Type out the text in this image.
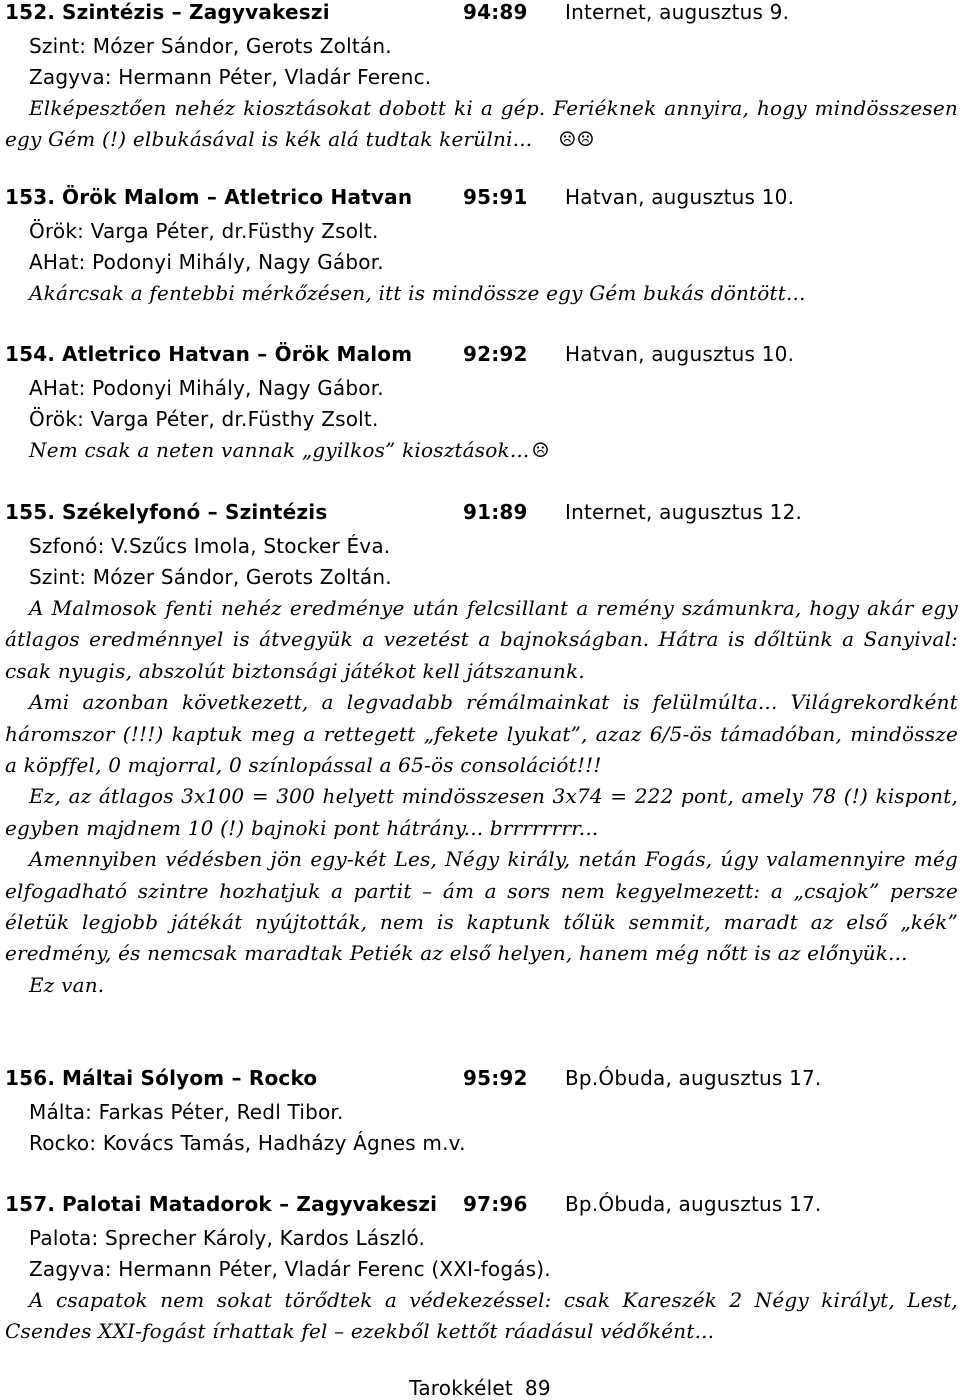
152. Szintézis – Zagyvakeszi	94:89 Internet, augusztus 9.
Szint: Mózer Sándor, Gerots Zoltán.
Zagyva: Hermann Péter, Vladár Ferenc.

Elképesztően nehéz kiosztásokat dobott ki a gép. Feriéknek annyira, hogy mindösszesen egy Gém (!) elbukásával is kék alá tudtak kerülni... ☹☹

153. Örök Malom – Atletrico Hatvan	95:91 Hatvan, augusztus 10.
Örök: Varga Péter, dr.Füsthy Zsolt.
AHat: Podonyi Mihály, Nagy Gábor.
Akárcsak a fentebbi mérkőzésen, itt is mindössze egy Gém bukás döntött...
154. Atletrico Hatvan – Örök Malom	92:92 Hatvan, augusztus 10.
AHat: Podonyi Mihály, Nagy Gábor.
Örök: Varga Péter, dr.Füsthy Zsolt.
Nem csak a neten vannak „gyilkos” kiosztások... ☹
155. Székelyfonó – Szintézis	91:89 Internet, augusztus 12.
Szfonó: V.Szűcs Imola, Stocker Éva.
Szint: Mózer Sándor, Gerots Zoltán.

A Malmosok fenti nehéz eredménye után felcsillant a remény számunkra, hogy akár egy átlagos eredménnyel is átvegyük a vezetést a bajnokságban. Hátra is dőltünk a Sanyival: csak nyugis, abszolút biztonsági játékot kell játszanunk.

Ami azonban következett, a legvadabb rémálmainkat is felülmúlta... Világrekordként háromszor (!!!) kaptuk meg a rettegett „fekete lyukat”, azaz 6/5-ös támadóban, mindössze a köpffel, 0 majorral, 0 színlopással a 65-ös consolációt!!!

Ez, az átlagos 3x100 = 300 helyett mindösszesen 3x74 = 222 pont, amely 78 (!) kispont, egyben majdnem 10 (!) bajnoki pont hátrány... brrrrrrrr...

Amennyiben védésben jön egy-két Les, Négy király, netán Fogás, úgy valamennyire még elfogadható szintre hozhatjuk a partit – ám a sors nem kegyelmezett: a „csajok” persze életük legjobb játékát nyújtották, nem is kaptunk tőlük semmit, maradt az első „kék” eredmény, és nemcsak maradtak Petiék az első helyen, hanem még nőtt is az előnyük...

Ez van.

156. Máltai Sólyom – Rocko	95:92 Bp.Óbuda, augusztus 17.
Málta: Farkas Péter, Redl Tibor.
Rocko: Kovács Tamás, Hadházy Ágnes m.v.
157. Palotai Matadorok – Zagyvakeszi 97:96 Bp.Óbuda, augusztus 17.
Palota: Sprecher Károly, Kardos László.
Zagyva: Hermann Péter, Vladár Ferenc (XXI-fogás).

A csapatok nem sokat törődtek a védekezéssel: csak Kareszék 2 Négy királyt, Lest, Csendes XXI-fogást írhattak fel – ezekből kettőt ráadásul védőként...

Tarokkélet 89
